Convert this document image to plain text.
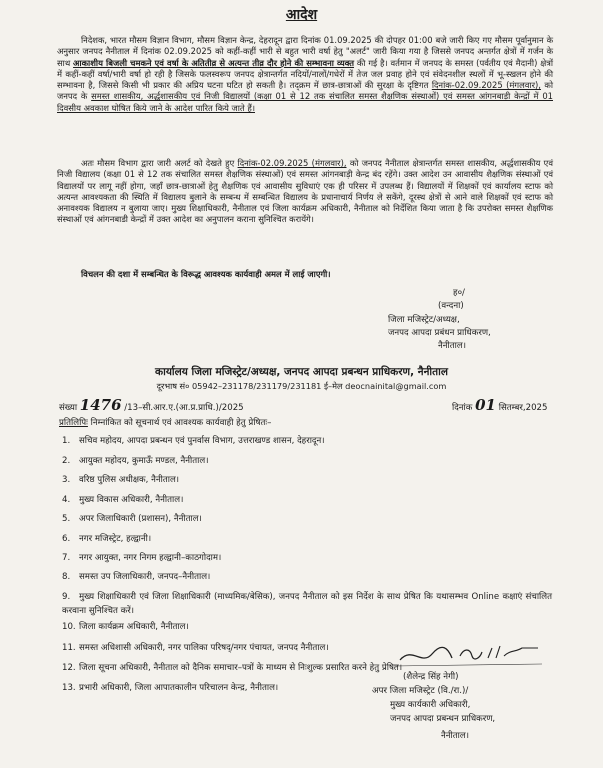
आदेश
निदेशक, भारत मौसम विज्ञान विभाग, मौसम विज्ञान केन्द्र, देहरादून द्वारा दिनांक 01.09.2025 की दोपहर 01:00 बजे जारी किए गए मौसम पूर्वानुमान के अनुसार जनपद नैनीताल में दिनांक 02.09.2025 को कहीं-कहीं भारी से बहुत भारी वर्षा हेतु "अलर्ट" जारी किया गया है जिससे जनपद अन्तर्गत क्षेत्रों में गर्जन के साथ आकाशीय बिजली चमकने एवं वर्षा के अतितीव्र से अत्यन्त तीव्र दौर होने की सम्भावना व्यक्त की गई है। वर्तमान में जनपद के समस्त (पर्वतीय एवं मैदानी) क्षेत्रों में कहीं-कहीं वर्षा/भारी वर्षा हो रही है जिसके फलस्वरूप जनपद क्षेत्रान्तर्गत नदियों/नालों/गधेरों में तेज जल प्रवाह होने एवं संवेदनशील स्थलों में भू-स्खलन होने की सम्भावना है, जिससे किसी भी प्रकार की अप्रिय घटना घटित हो सकती है। तद्क्रम में छात्र-छात्राओं की सुरक्षा के दृष्टिगत दिनांक-02.09.2025 (मंगलवार), को जनपद के समस्त शासकीय, अर्द्धशासकीय एवं निजी विद्यालयों (कक्षा 01 से 12 तक संचालित समस्त शैक्षणिक संस्थाओं) एवं समस्त आंगनबाड़ी केन्द्रों में 01 दिवसीय अवकाश घोषित किये जाने के आदेश पारित किये जाते हैं।
अतः मौसम विभाग द्वारा जारी अलर्ट को देखते हुए दिनांक-02.09.2025 (मंगलवार), को जनपद नैनीताल क्षेत्रान्तर्गत समस्त शासकीय, अर्द्धशासकीय एवं निजी विद्यालय (कक्षा 01 से 12 तक संचालित समस्त शैक्षणिक संस्थाओं) एवं समस्त आंगनबाड़ी केन्द्र बंद रहेंगे। उक्त आदेश उन आवासीय शैक्षणिक संस्थाओं एवं विद्यालयों पर लागू नहीं होगा, जहाँ छात्र-छात्राओं हेतु शैक्षणिक एवं आवासीय सुविधाएं एक ही परिसर में उपलब्ध हैं। विद्यालयों में शिक्षकों एवं कार्यालय स्टाफ को अत्यन्त आवश्यकता की स्थिति में विद्यालय बुलाने के सम्बन्ध में सम्बन्धित विद्यालय के प्रधानाचार्य निर्णय ले सकेंगे, दूरस्थ क्षेत्रों से आने वाले शिक्षकों एवं स्टाफ को अनावश्यक विद्यालय न बुलाया जाए। मुख्य शिक्षाधिकारी, नैनीताल एवं जिला कार्यक्रम अधिकारी, नैनीताल को निर्देशित किया जाता है कि उपरोक्त समस्त शैक्षणिक संस्थाओं एवं आंगनबाडी केन्द्रों में उक्त आदेश का अनुपालन कराना सुनिश्चित करायेंगे।
विचलन की दशा में सम्बन्धित के विरूद्ध आवश्यक कार्यवाही अमल में लाई जाएगी।
ह०/
(वन्दना)
जिला मजिस्ट्रेट/अध्यक्ष,
जनपद आपदा प्रबंधन प्राधिकरण,
नैनीताल।
कार्यालय जिला मजिस्ट्रेट/अध्यक्ष, जनपद आपदा प्रबन्धन प्राधिकरण, नैनीताल
दूरभाष सं० 05942–231178/231179/231181 ई–मेल deocnainital@gmail.com
संख्या 1476 /13–सी.आर.ए.(आ.प्र.प्राधि.)/2025	दिनांक 01 सितम्बर,2025
प्रतिलिपिः निम्नांकित को सूचनार्थ एवं आवश्यक कार्यवाही हेतु प्रेषितः–
1. सचिव महोदय, आपदा प्रबन्धन एवं पुनर्वास विभाग, उत्तराखण्ड शासन, देहरादून।
2. आयुक्त महोदय, कुमाऊँ मण्डल, नैनीताल।
3. वरिष्ठ पुलिस अधीक्षक, नैनीताल।
4. मुख्य विकास अधिकारी, नैनीताल।
5. अपर जिलाधिकारी (प्रशासन), नैनीताल।
6. नगर मजिस्ट्रेट, हल्द्वानी।
7. नगर आयुक्त, नगर निगम हल्द्वानी–काठगोदाम।
8. समस्त उप जिलाधिकारी, जनपद–नैनीताल।
9. मुख्य शिक्षाधिकारी एवं जिला शिक्षाधिकारी (माध्यमिक/बेसिक), जनपद नैनीताल को इस निर्देश के साथ प्रेषित कि यथासम्भव Online कक्षाएं संचालित करवाना सुनिश्चित करें।
10. जिला कार्यक्रम अधिकारी, नैनीताल।
11. समस्त अधिशासी अधिकारी, नगर पालिका परिषद्/नगर पंचायत, जनपद नैनीताल।
12. जिला सूचना अधिकारी, नैनीताल को दैनिक समाचार–पत्रों के माध्यम से निःशुल्क प्रसारित करने हेतु प्रेषित।
13. प्रभारी अधिकारी, जिला आपातकालीन परिचालन केन्द्र, नैनीताल।
(शैलेन्द्र सिंह नेगी)
अपर जिला मजिस्ट्रेट (वि./रा.)/
मुख्य कार्यकारी अधिकारी,
जनपद आपदा प्रबन्धन प्राधिकरण,
नैनीताल।
